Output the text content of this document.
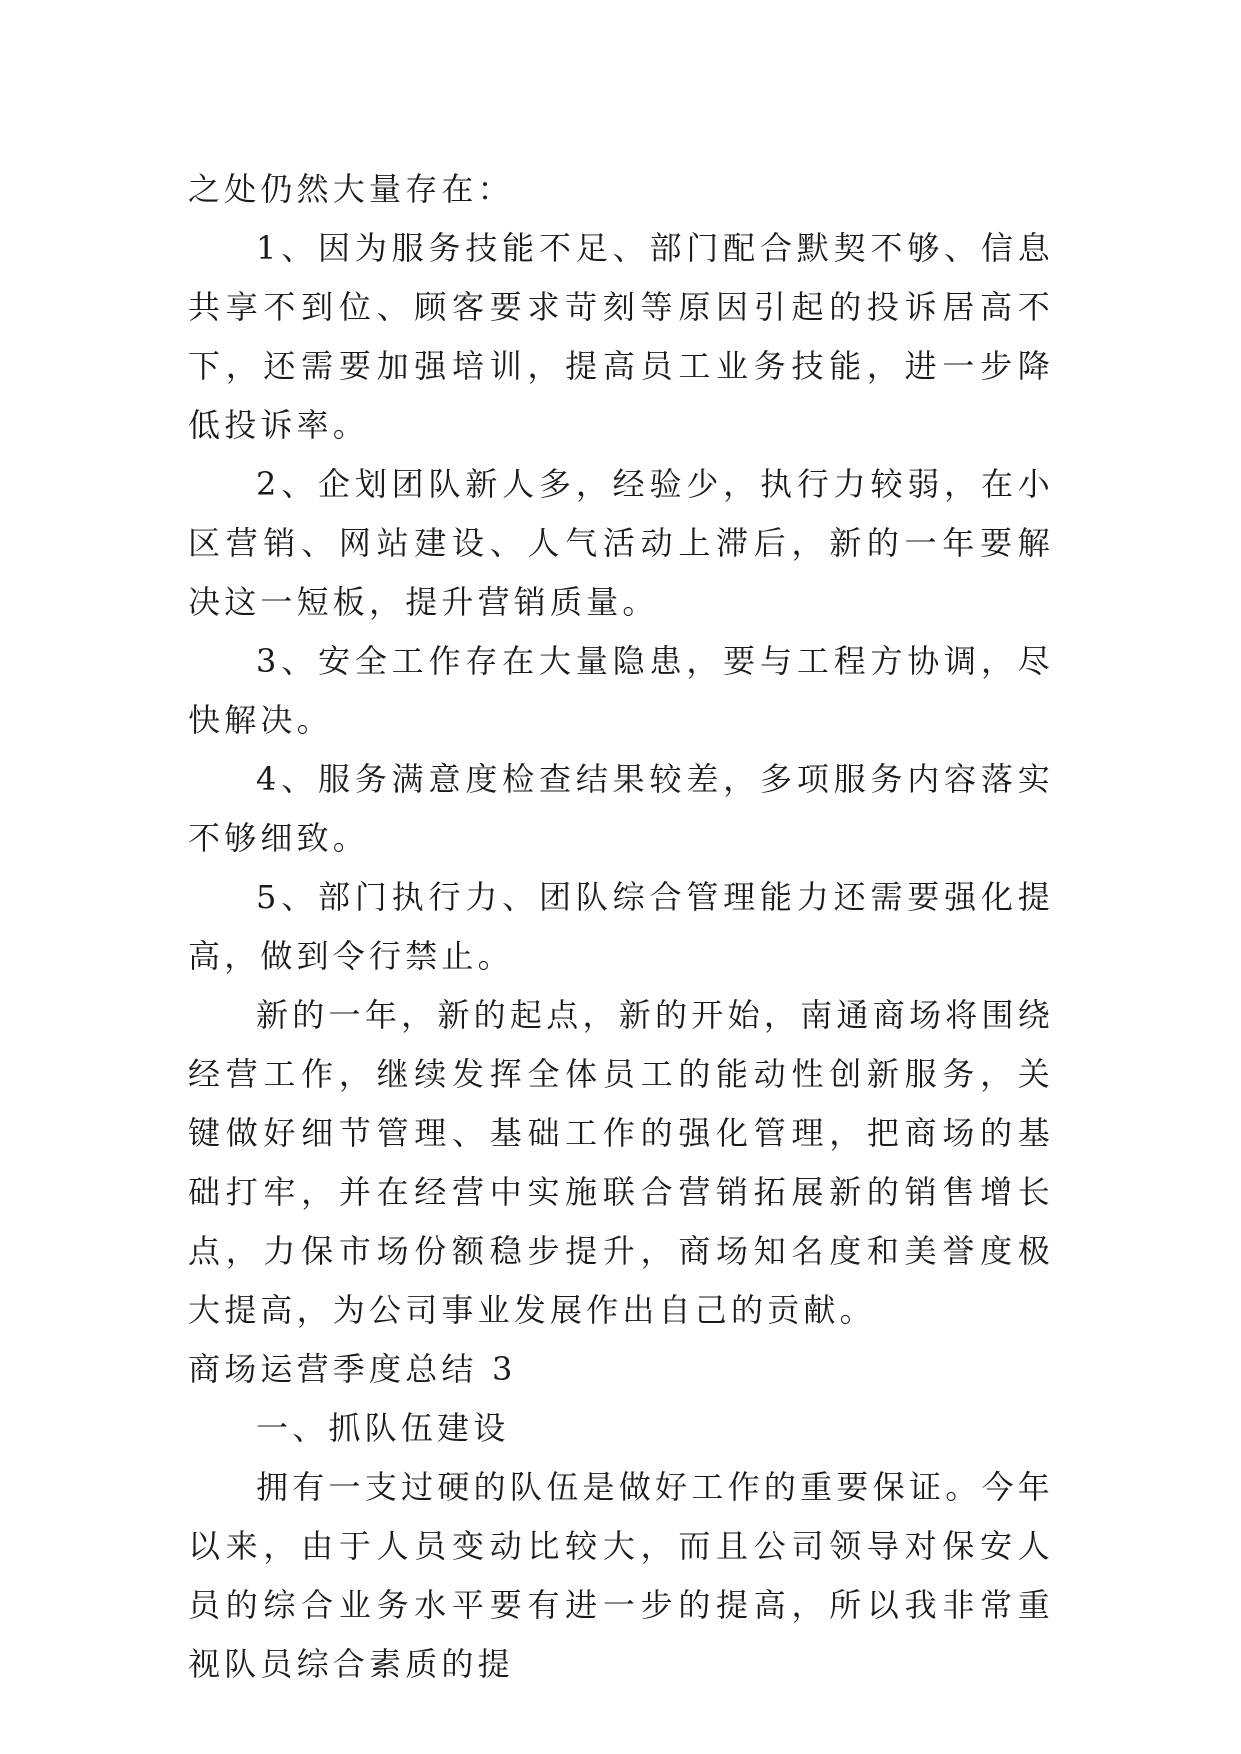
之处仍然大量存在：

1、因为服务技能不足、部门配合默契不够、信息共享不到位、顾客要求苛刻等原因引起的投诉居高不下，还需要加强培训，提高员工业务技能，进一步降低投诉率。

2、企划团队新人多，经验少，执行力较弱，在小区营销、网站建设、人气活动上滞后，新的一年要解决这一短板，提升营销质量。

3、安全工作存在大量隐患，要与工程方协调，尽快解决。

4、服务满意度检查结果较差，多项服务内容落实不够细致。

5、部门执行力、团队综合管理能力还需要强化提高，做到令行禁止。

新的一年，新的起点，新的开始，南通商场将围绕经营工作，继续发挥全体员工的能动性创新服务，关键做好细节管理、基础工作的强化管理，把商场的基础打牢，并在经营中实施联合营销拓展新的销售增长点，力保市场份额稳步提升，商场知名度和美誉度极大提高，为公司事业发展作出自己的贡献。

商场运营季度总结 3

一、抓队伍建设

拥有一支过硬的队伍是做好工作的重要保证。今年以来，由于人员变动比较大，而且公司领导对保安人员的综合业务水平要有进一步的提高，所以我非常重视队员综合素质的提
